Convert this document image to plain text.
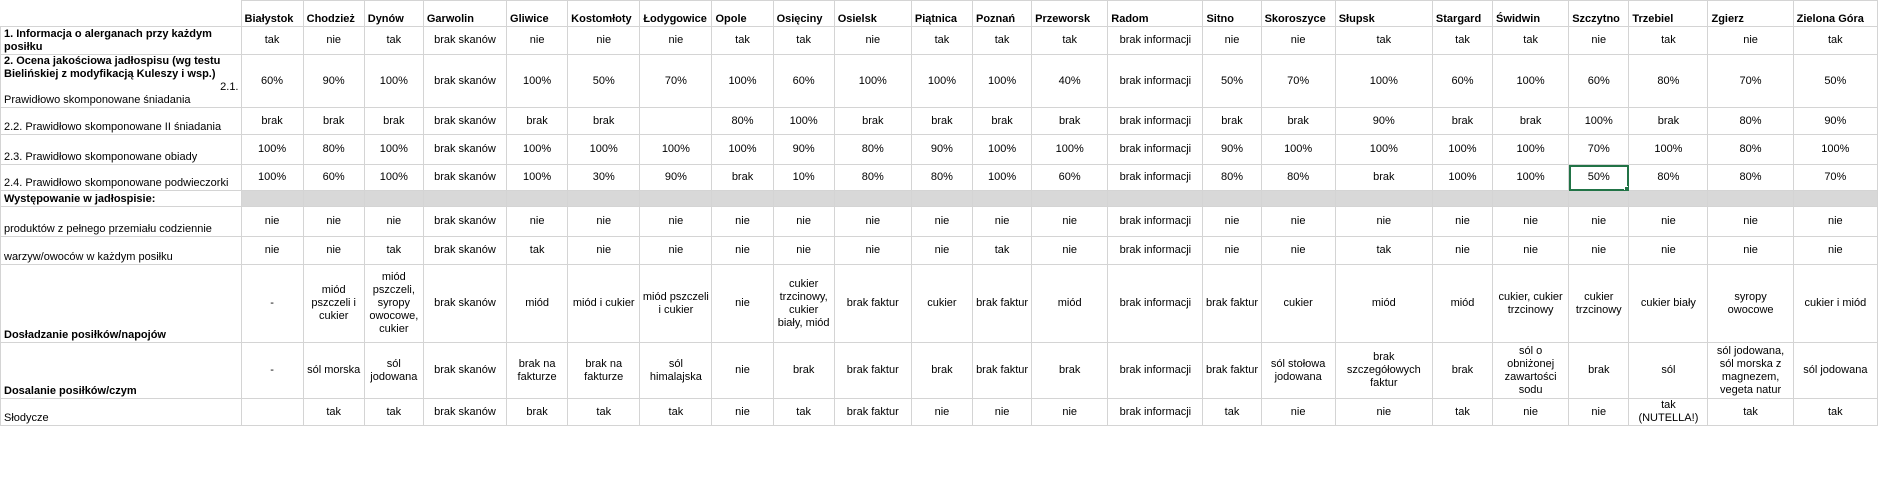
	Białystok	Chodzież	Dynów	Garwolin	Gliwice	Kostomłoty	Łodygowice	Opole	Osięciny	Osielsk	Piątnica	Poznań	Przeworsk	Radom	Sitno	Skoroszyce	Słupsk	Stargard	Świdwin	Szczytno	Trzebiel	Zgierz	Zielona Góra
1. Informacja o alerganach przy każdym posiłku	tak	nie	tak	brak skanów	nie	nie	nie	tak	tak	nie	tak	tak	tak	brak informacji	nie	nie	tak	tak	tak	nie	tak	nie	tak

2. Ocena jakościowa jadłospisu (wg testu Bielińskiej z modyfikacją Kuleszy i wsp.)
2.1.
Prawidłowo skomponowane śniadania	60%	90%	100%	brak skanów	100%	50%	70%	100%	60%	100%	100%	100%	40%	brak informacji	50%	70%	100%	60%	100%	60%	80%	70%	50%
2.2. Prawidłowo skomponowane II śniadania	brak	brak	brak	brak skanów	brak	brak		80%	100%	brak	brak	brak	brak	brak informacji	brak	brak	90%	brak	brak	100%	brak	80%	90%
2.3. Prawidłowo skomponowane obiady	100%	80%	100%	brak skanów	100%	100%	100%	100%	90%	80%	90%	100%	100%	brak informacji	90%	100%	100%	100%	100%	70%	100%	80%	100%
2.4. Prawidłowo skomponowane podwieczorki	100%	60%	100%	brak skanów	100%	30%	90%	brak	10%	80%	80%	100%	60%	brak informacji	80%	80%	brak	100%	100%	50%	80%	80%	70%
Występowanie w jadłospisie:																							
produktów z pełnego przemiału codziennie	nie	nie	nie	brak skanów	nie	nie	nie	nie	nie	nie	nie	nie	nie	brak informacji	nie	nie	nie	nie	nie	nie	nie	nie	nie
warzyw/owoców w każdym posiłku	nie	nie	tak	brak skanów	tak	nie	nie	nie	nie	nie	nie	tak	nie	brak informacji	nie	nie	tak	nie	nie	nie	nie	nie	nie
Dosładzanie posiłków/napojów	-	miód pszczeli i cukier	miód pszczeli, syropy owocowe, cukier	brak skanów	miód	miód i cukier	miód pszczeli i cukier	nie	cukier trzcinowy, cukier biały, miód	brak faktur	cukier	brak faktur	miód	brak informacji	brak faktur	cukier	miód	miód	cukier, cukier trzcinowy	cukier trzcinowy	cukier biały	syropy owocowe	cukier i miód
Dosalanie posiłków/czym	-	sól morska	sól jodowana	brak skanów	brak na fakturze	brak na fakturze	sól himalajska	nie	brak	brak faktur	brak	brak faktur	brak	brak informacji	brak faktur	sól stołowa jodowana	brak szczegółowych faktur	brak	sól o obniżonej zawartości sodu	brak	sól	sól jodowana, sól morska z magnezem, vegeta natur	sól jodowana
Słodycze		tak	tak	brak skanów	brak	tak	tak	nie	tak	brak faktur	nie	nie	nie	brak informacji	tak	nie	nie	tak	nie	nie	tak (NUTELLA!)	tak	tak
